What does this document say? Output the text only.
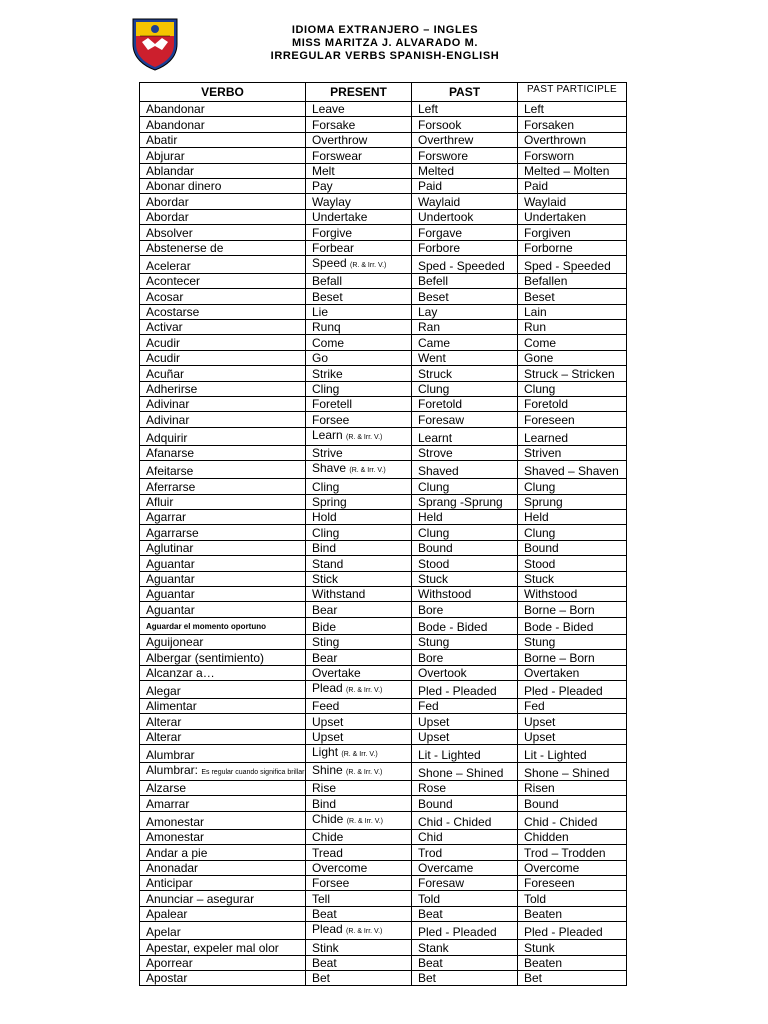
IDIOMA EXTRANJERO – INGLES
MISS MARITZA J. ALVARADO M.
IRREGULAR VERBS SPANISH-ENGLISH
VERBO	PRESENT	PAST	PAST PARTICIPLE
Abandonar	Leave	Left	Left
Abandonar	Forsake	Forsook	Forsaken
Abatir	Overthrow	Overthrew	Overthrown
Abjurar	Forswear	Forswore	Forsworn
Ablandar	Melt	Melted	Melted – Molten
Abonar dinero	Pay	Paid	Paid
Abordar	Waylay	Waylaid	Waylaid
Abordar	Undertake	Undertook	Undertaken
Absolver	Forgive	Forgave	Forgiven
Abstenerse de	Forbear	Forbore	Forborne
Acelerar	Speed (R. & Irr. V.)	Sped - Speeded	Sped - Speeded
Acontecer	Befall	Befell	Befallen
Acosar	Beset	Beset	Beset
Acostarse	Lie	Lay	Lain
Activar	Runq	Ran	Run
Acudir	Come	Came	Come
Acudir	Go	Went	Gone
Acuñar	Strike	Struck	Struck – Stricken
Adherirse	Cling	Clung	Clung
Adivinar	Foretell	Foretold	Foretold
Adivinar	Forsee	Foresaw	Foreseen
Adquirir	Learn (R. & Irr. V.)	Learnt	Learned
Afanarse	Strive	Strove	Striven
Afeitarse	Shave (R. & Irr. V.)	Shaved	Shaved – Shaven
Aferrarse	Cling	Clung	Clung
Afluir	Spring	Sprang -Sprung	Sprung
Agarrar	Hold	Held	Held
Agarrarse	Cling	Clung	Clung
Aglutinar	Bind	Bound	Bound
Aguantar	Stand	Stood	Stood
Aguantar	Stick	Stuck	Stuck
Aguantar	Withstand	Withstood	Withstood
Aguantar	Bear	Bore	Borne – Born
Aguardar el momento oportuno	Bide	Bode - Bided	Bode - Bided
Aguijonear	Sting	Stung	Stung
Albergar (sentimiento)	Bear	Bore	Borne – Born
Alcanzar a…	Overtake	Overtook	Overtaken
Alegar	Plead (R. & Irr. V.)	Pled - Pleaded	Pled - Pleaded
Alimentar	Feed	Fed	Fed
Alterar	Upset	Upset	Upset
Alterar	Upset	Upset	Upset
Alumbrar	Light (R. & Irr. V.)	Lit - Lighted	Lit - Lighted
Alumbrar: Es regular cuando significa brillar	Shine (R. & Irr. V.)	Shone – Shined	Shone – Shined
Alzarse	Rise	Rose	Risen
Amarrar	Bind	Bound	Bound
Amonestar	Chide (R. & Irr. V.)	Chid - Chided	Chid - Chided
Amonestar	Chide	Chid	Chidden
Andar a pie	Tread	Trod	Trod – Trodden
Anonadar	Overcome	Overcame	Overcome
Anticipar	Forsee	Foresaw	Foreseen
Anunciar – asegurar	Tell	Told	Told
Apalear	Beat	Beat	Beaten
Apelar	Plead (R. & Irr. V.)	Pled - Pleaded	Pled - Pleaded
Apestar, expeler mal olor	Stink	Stank	Stunk
Aporrear	Beat	Beat	Beaten
Apostar	Bet	Bet	Bet
